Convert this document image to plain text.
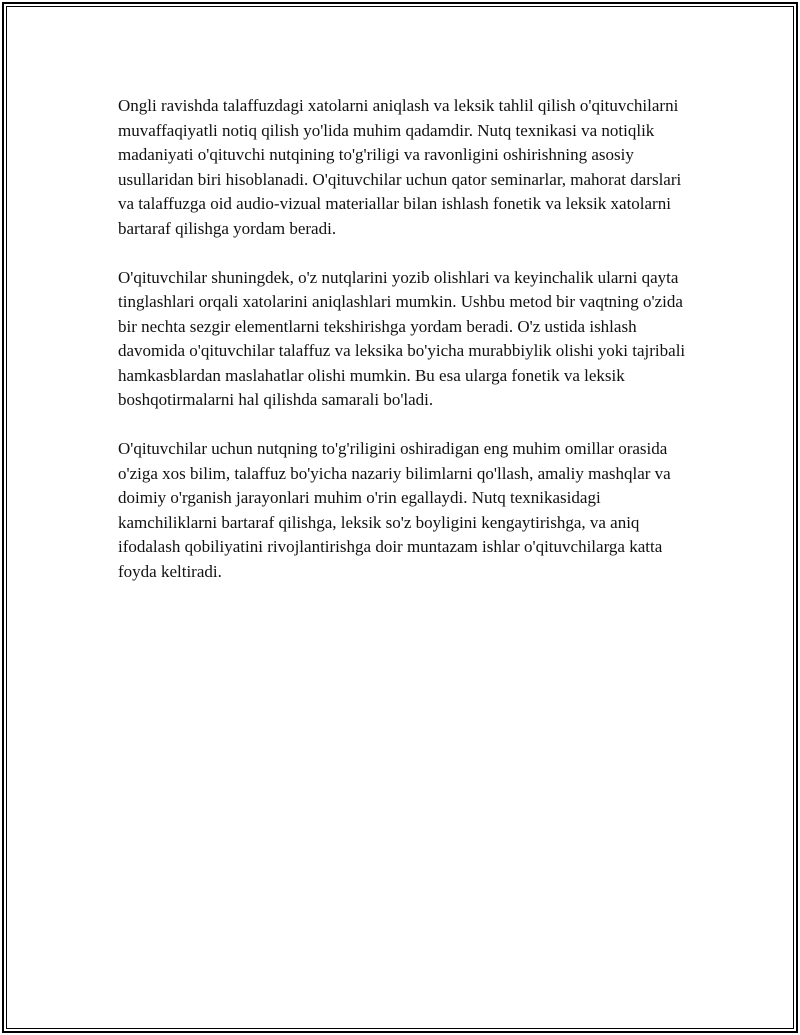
Ongli ravishda talaffuzdagi xatolarni aniqlash va leksik tahlil qilish o'qituvchilarni muvaffaqiyatli notiq qilish yo'lida muhim qadamdir. Nutq texnikasi va notiqlik madaniyati o'qituvchi nutqining to'g'riligi va ravonligini oshirishning asosiy usullaridan biri hisoblanadi. O'qituvchilar uchun qator seminarlar, mahorat darslari va talaffuzga oid audio-vizual materiallar bilan ishlash fonetik va leksik xatolarni bartaraf qilishga yordam beradi.

O'qituvchilar shuningdek, o'z nutqlarini yozib olishlari va keyinchalik ularni qayta tinglashlari orqali xatolarini aniqlashlari mumkin. Ushbu metod bir vaqtning o'zida bir nechta sezgir elementlarni tekshirishga yordam beradi. O'z ustida ishlash davomida o'qituvchilar talaffuz va leksika bo'yicha murabbiylik olishi yoki tajribali hamkasblardan maslahatlar olishi mumkin. Bu esa ularga fonetik va leksik boshqotirmalarni hal qilishda samarali bo'ladi.

O'qituvchilar uchun nutqning to'g'riligini oshiradigan eng muhim omillar orasida o'ziga xos bilim, talaffuz bo'yicha nazariy bilimlarni qo'llash, amaliy mashqlar va doimiy o'rganish jarayonlari muhim o'rin egallaydi. Nutq texnikasidagi kamchiliklarni bartaraf qilishga, leksik so'z boyligini kengaytirishga, va aniq ifodalash qobiliyatini rivojlantirishga doir muntazam ishlar o'qituvchilarga katta foyda keltiradi.
